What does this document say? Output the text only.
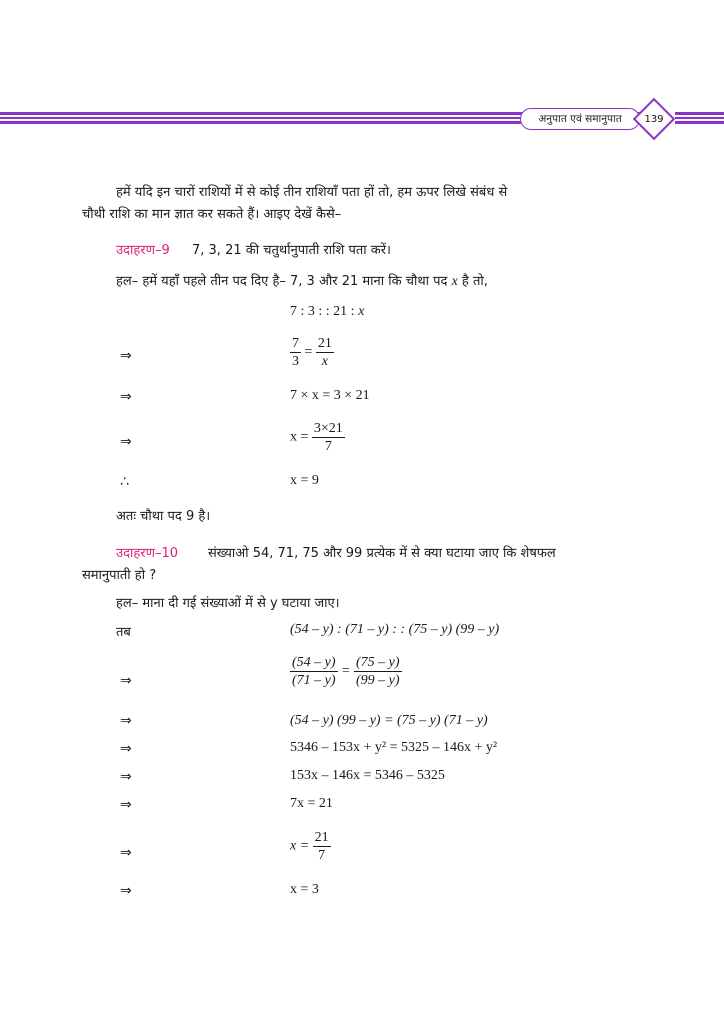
अनुपात एवं समानुपात	139
हमें यदि इन चारों राशियों में से कोई तीन राशियाँ पता हों तो, हम ऊपर लिखे संबंध से
चौथी राशि का मान ज्ञात कर सकते हैं। आइए देखें कैसे–
उदाहरण–9 7, 3, 21 की चतुर्थानुपाती राशि पता करें।
हल– हमें यहाँ पहले तीन पद दिए है– 7, 3 और 21 माना कि चौथा पद x है तो,
7 : 3 : : 21 : x
⇒	$\frac{7}{3} = \frac{21}{x}$
⇒	7 × x = 3 × 21
⇒	$x = \frac{3\times 21}{7}$
∴	x = 9
अतः चौथा पद 9 है।
उदाहरण–10 संख्याओ 54, 71, 75 और 99 प्रत्येक में से क्या घटाया जाए कि शेषफल
समानुपाती हो ?
हल– माना दी गई संख्याओं में से y घटाया जाए।
तब	(54 – y) : (71 – y) : : (75 – y) (99 – y)
⇒	$\frac{(54 - y)}{(71 - y)} = \frac{(75 - y)}{(99 - y)}$
⇒	(54 – y) (99 – y) = (75 – y) (71 – y)
⇒	5346 – 153x + y² = 5325 – 146x + y²
⇒	153x – 146x = 5346 – 5325
⇒	7x = 21
⇒	$x = \frac{21}{7}$
⇒	x = 3
